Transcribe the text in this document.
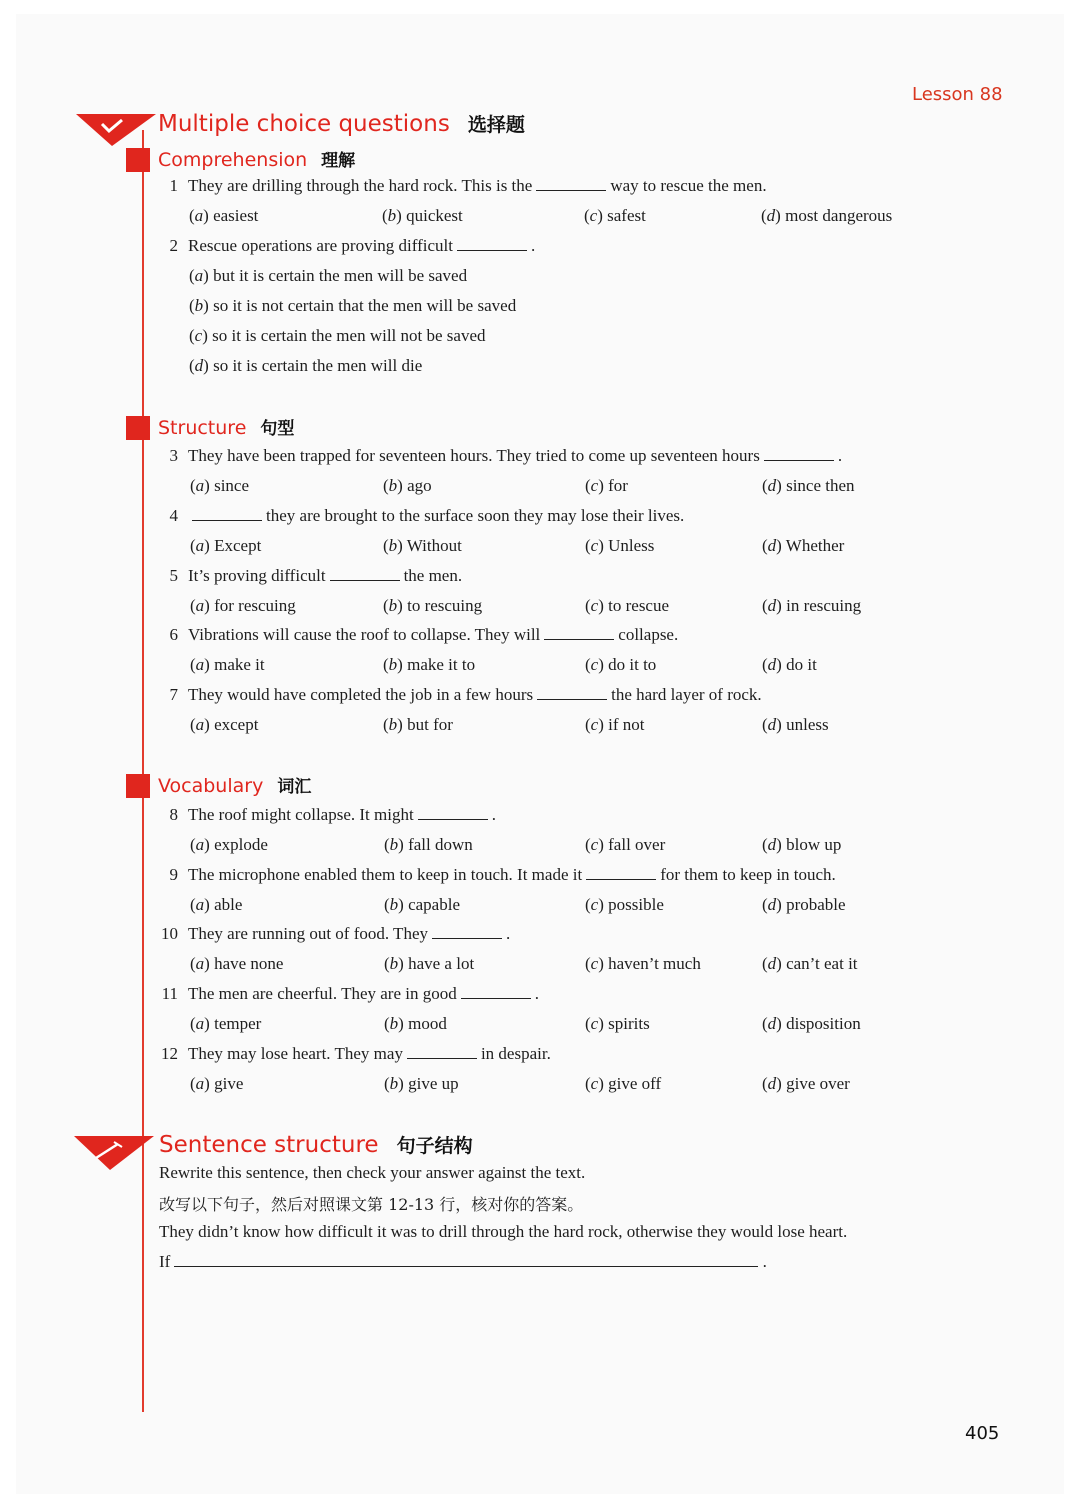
Lesson 88
Multiple choice questions 选择题
Comprehension 理解
1 They are drilling through the hard rock. This is the	way to rescue the men.
(a) easiest	(b) quickest	(c) safest	(d) most dangerous
2 Rescue operations are proving difficult	.
(a) but it is certain the men will be saved
(b) so it is not certain that the men will be saved
(c) so it is certain the men will not be saved
(d) so it is certain the men will die
Structure 句型
3 They have been trapped for seventeen hours. They tried to come up seventeen hours	.
(a) since	(b) ago	(c) for	(d) since then
4	they are brought to the surface soon they may lose their lives.
(a) Except	(b) Without	(c) Unless	(d) Whether
5 It’s proving difficult	the men.
(a) for rescuing	(b) to rescuing	(c) to rescue	(d) in rescuing
6 Vibrations will cause the roof to collapse. They will	collapse.
(a) make it	(b) make it to	(c) do it to	(d) do it
7 They would have completed the job in a few hours	the hard layer of rock.
(a) except	(b) but for	(c) if not	(d) unless
Vocabulary 词汇
8 The roof might collapse. It might	.
(a) explode	(b) fall down	(c) fall over	(d) blow up
9 The microphone enabled them to keep in touch. It made it	for them to keep in touch.
(a) able	(b) capable	(c) possible	(d) probable
10 They are running out of food. They	.
(a) have none	(b) have a lot	(c) haven’t much	(d) can’t eat it
11 The men are cheerful. They are in good	.
(a) temper	(b) mood	(c) spirits	(d) disposition
12 They may lose heart. They may	in despair.
(a) give	(b) give up	(c) give off	(d) give over
Sentence structure 句子结构
Rewrite this sentence, then check your answer against the text.
改写以下句子，然后对照课文第 12-13 行，核对你的答案。
They didn’t know how difficult it was to drill through the hard rock, otherwise they would lose heart.
If	.
405
